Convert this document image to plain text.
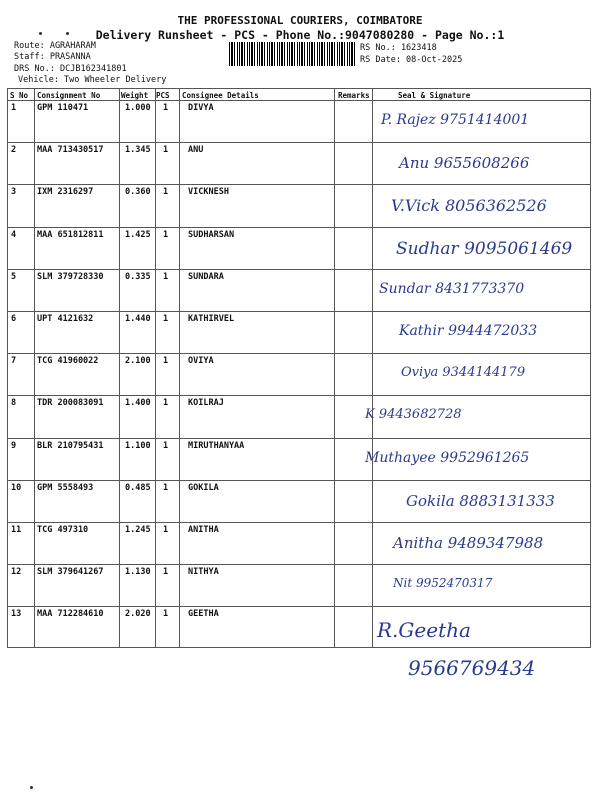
THE PROFESSIONAL COURIERS, COIMBATORE
Delivery Runsheet - PCS - Phone No.:9047080280 - Page No.:1
Route: AGRAHARAM
Staff: PRASANNA
DRS No.: DCJB162341801
Vehicle: Two Wheeler Delivery
RS No.: 1623418
RS Date: 08-Oct-2025
S No Consignment No	Weight PCS Consignee Details	Remarks	Seal & Signature
1 GPM 110471	1.000 1 DIVYA
P. Rajez 9751414001
2 MAA 713430517	1.345 1 ANU
Anu 9655608266
3 IXM 2316297	0.360 1 VICKNESH
V.Vick 8056362526
4 MAA 651812811	1.425 1 SUDHARSAN
Sudhar 9095061469
5 SLM 379728330	0.335 1 SUNDARA
Sundar 8431773370
6 UPT 4121632	1.440 1 KATHIRVEL
Kathir 9944472033
7 TCG 41960022	2.100 1 OVIYA
Oviya 9344144179
8 TDR 200083091	1.400 1 KOILRAJ
K 9443682728
9 BLR 210795431	1.100 1 MIRUTHANYAA
Muthayee 9952961265
10 GPM 5558493	0.485 1 GOKILA
Gokila 8883131333
11 TCG 497310	1.245 1 ANITHA
Anitha 9489347988
12 SLM 379641267	1.130 1 NITHYA
Nit 9952470317
13 MAA 712284610	2.020 1 GEETHA
R.Geetha
9566769434
